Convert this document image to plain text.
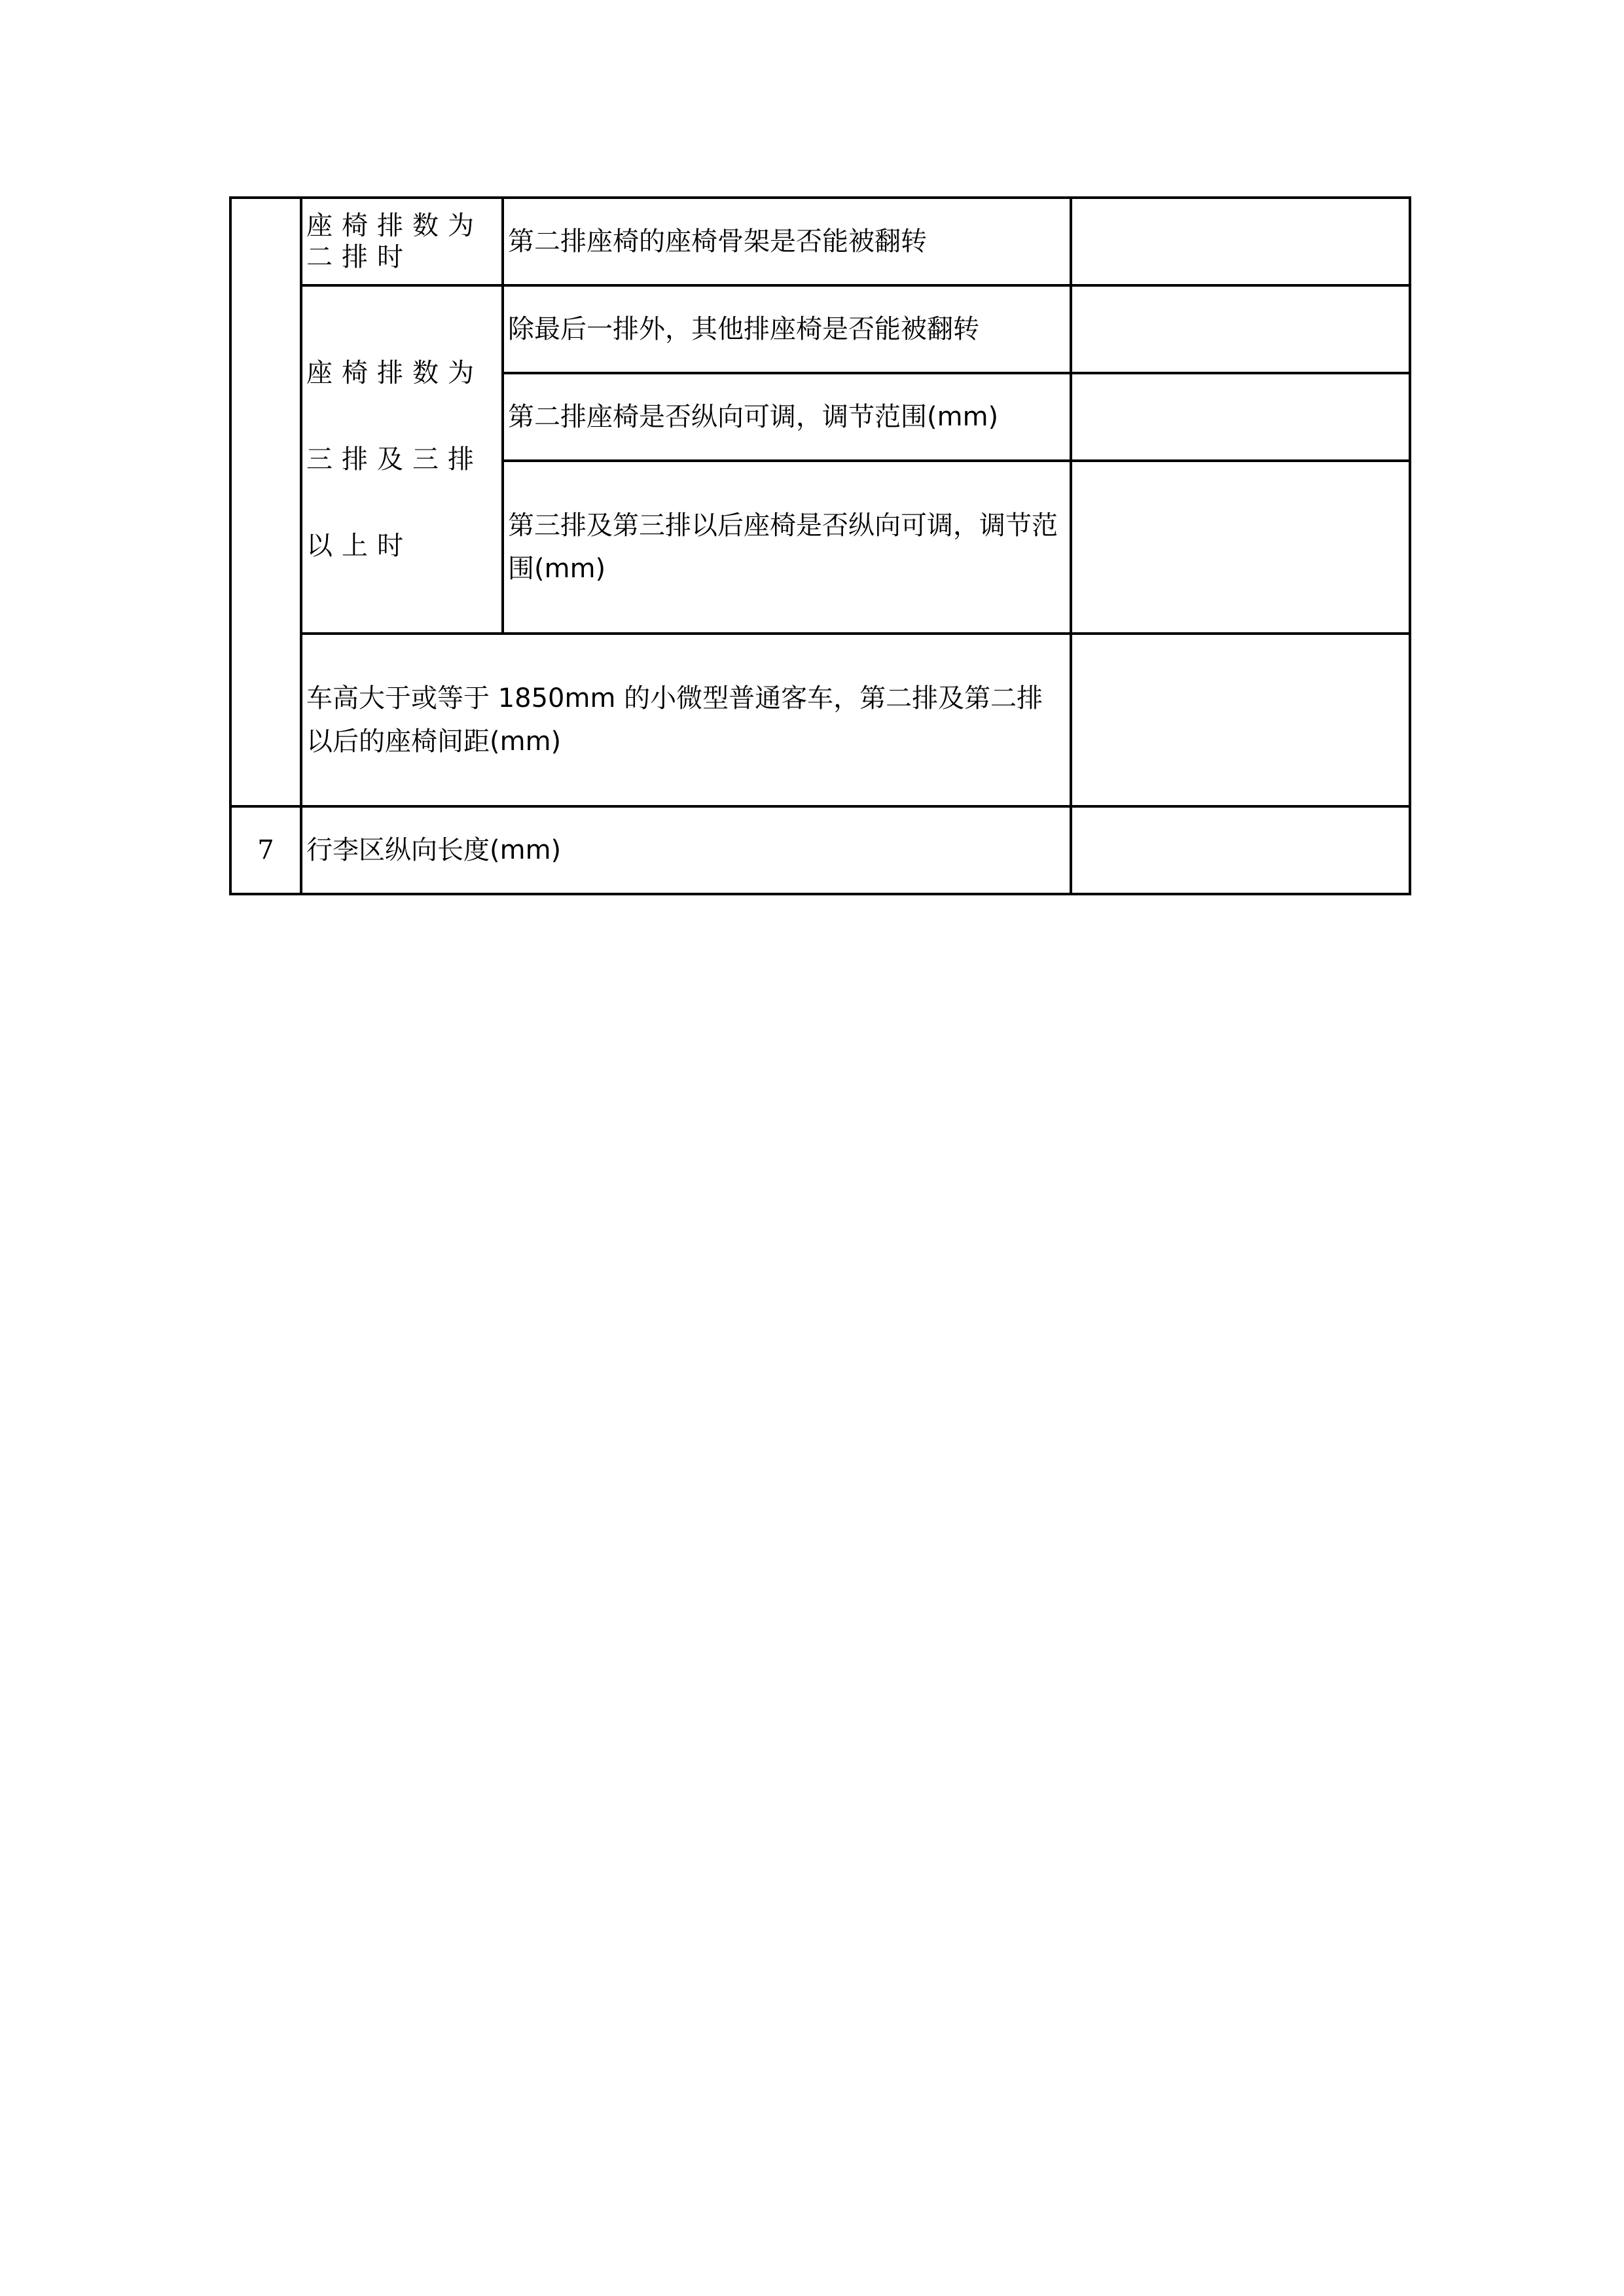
	座椅排数为二排时	第二排座椅的座椅骨架是否能被翻转	
	座椅排数为三排及三排以上时	除最后一排外，其他排座椅是否能被翻转	
		第二排座椅是否纵向可调，调节范围(mm)	
		第三排及第三排以后座椅是否纵向可调，调节范围(mm)	
	车高大于或等于 1850mm 的小微型普通客车，第二排及第二排以后的座椅间距(mm)		
7	行李区纵向长度(mm)		
